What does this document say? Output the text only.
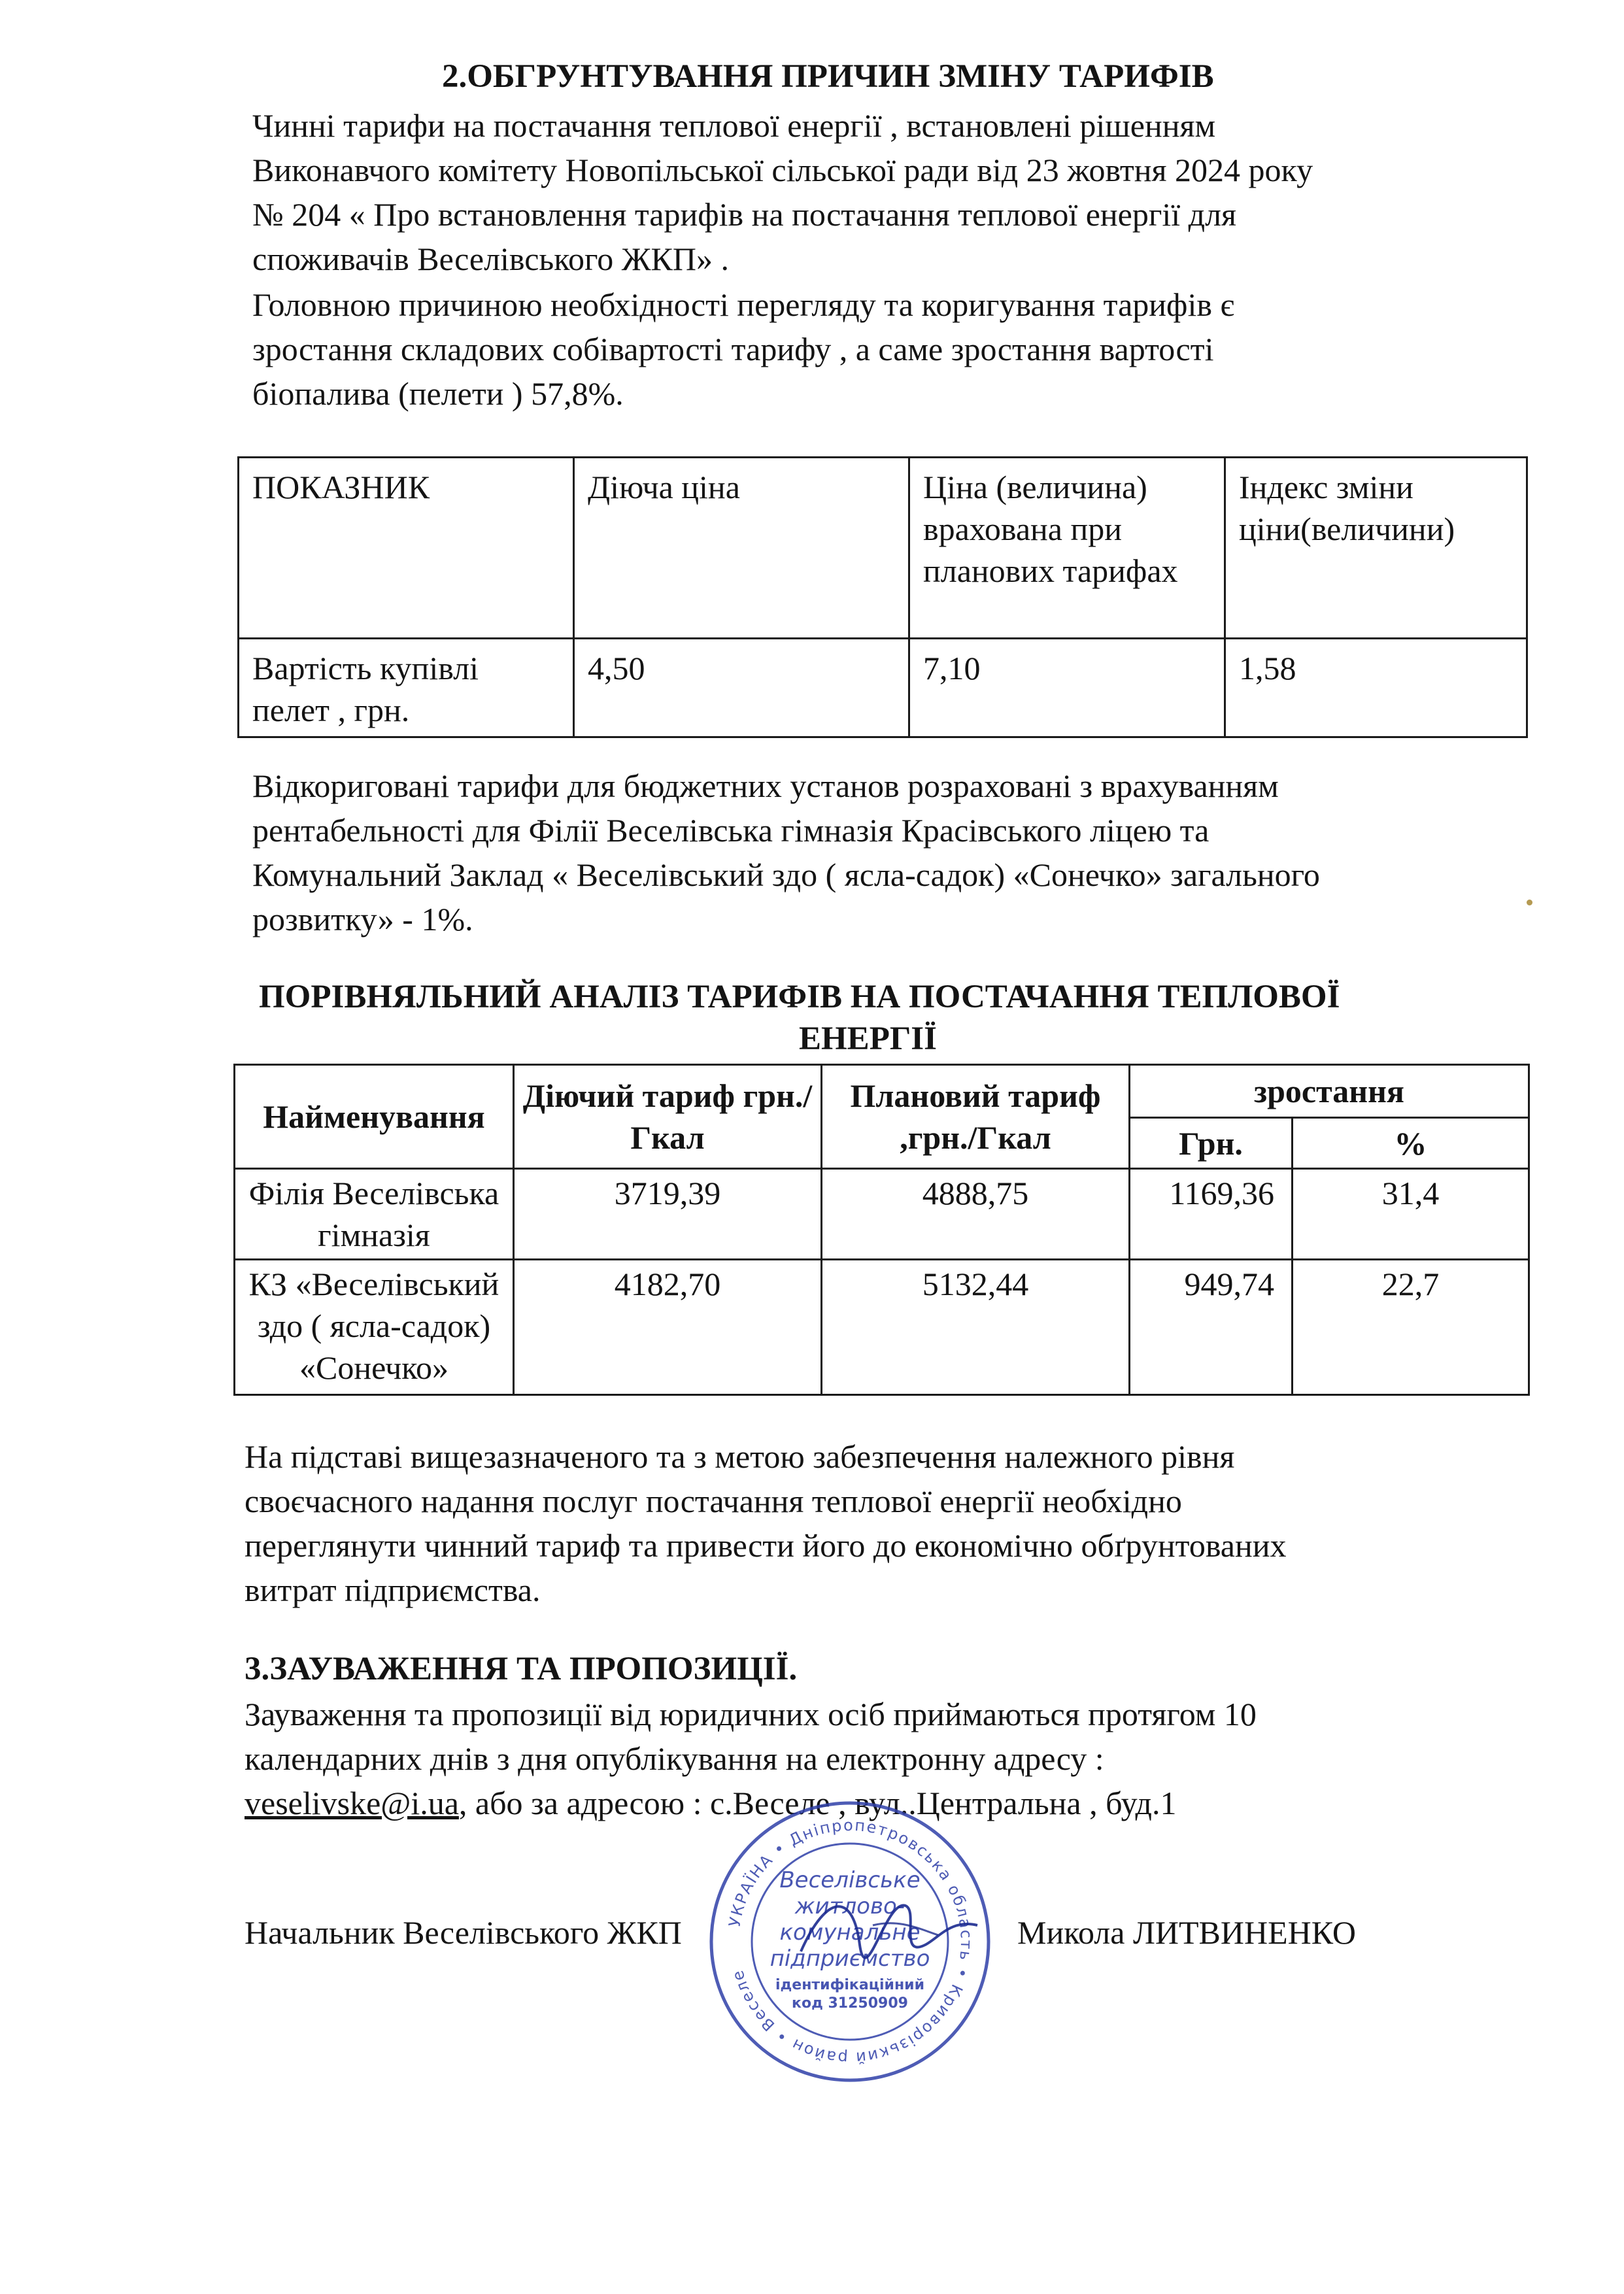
2.ОБГРУНТУВАННЯ ПРИЧИН ЗМІНУ ТАРИФІВ
Чинні тарифи на постачання теплової енергії , встановлені рішенням
Виконавчого комітету Новопільської сільської ради від 23 жовтня 2024 року
№ 204 « Про встановлення тарифів на постачання теплової енергії для
споживачів Веселівського ЖКП» .
Головною причиною необхідності перегляду та коригування тарифів є
зростання складових собівартості тарифу , а саме зростання вартості
біопалива (пелети ) 57,8%.
ПОКАЗНИК	Діюча ціна	Ціна (величина) врахована при планових тарифах	Індекс зміни ціни(величини)
Вартість купівлі пелет , грн.	4,50	7,10	1,58
Відкориговані тарифи для бюджетних установ розраховані з врахуванням
рентабельності для Філії Веселівська гімназія Красівського ліцею та
Комунальний Заклад « Веселівський здо ( ясла-садок) «Сонечко» загального
розвитку» - 1%.
ПОРІВНЯЛЬНИЙ АНАЛІЗ ТАРИФІВ НА ПОСТАЧАННЯ ТЕПЛОВОЇ
ЕНЕРГІЇ
Найменування	Діючий тариф грн./Гкал	Плановий тариф ,грн./Гкал	зростання	
			Грн.	%
Філія Веселівська гімназія	3719,39	4888,75	1169,36	31,4
КЗ «Веселівський здо ( ясла-садок) «Сонечко»	4182,70	5132,44	949,74	22,7
На підставі вищезазначеного та з метою забезпечення належного рівня
своєчасного надання послуг постачання теплової енергії необхідно
переглянути чинний тариф та привести його до економічно обґрунтованих
витрат підприємства.
3.ЗАУВАЖЕННЯ ТА ПРОПОЗИЦІЇ.
Зауваження та пропозиції від юридичних осіб приймаються протягом 10
календарних днів з дня опублікування на електронну адресу :
veselivske@i.ua, або за адресою : с.Веселе , вул..Центральна , буд.1
Начальник Веселівського ЖКП	Микола ЛИТВИНЕНКО
УКРАЇНА • Дніпропетровська область • Криворізький район • Веселе
Веселівське
житлово-
комунальне
підприємство
ідентифікаційний
код 31250909
